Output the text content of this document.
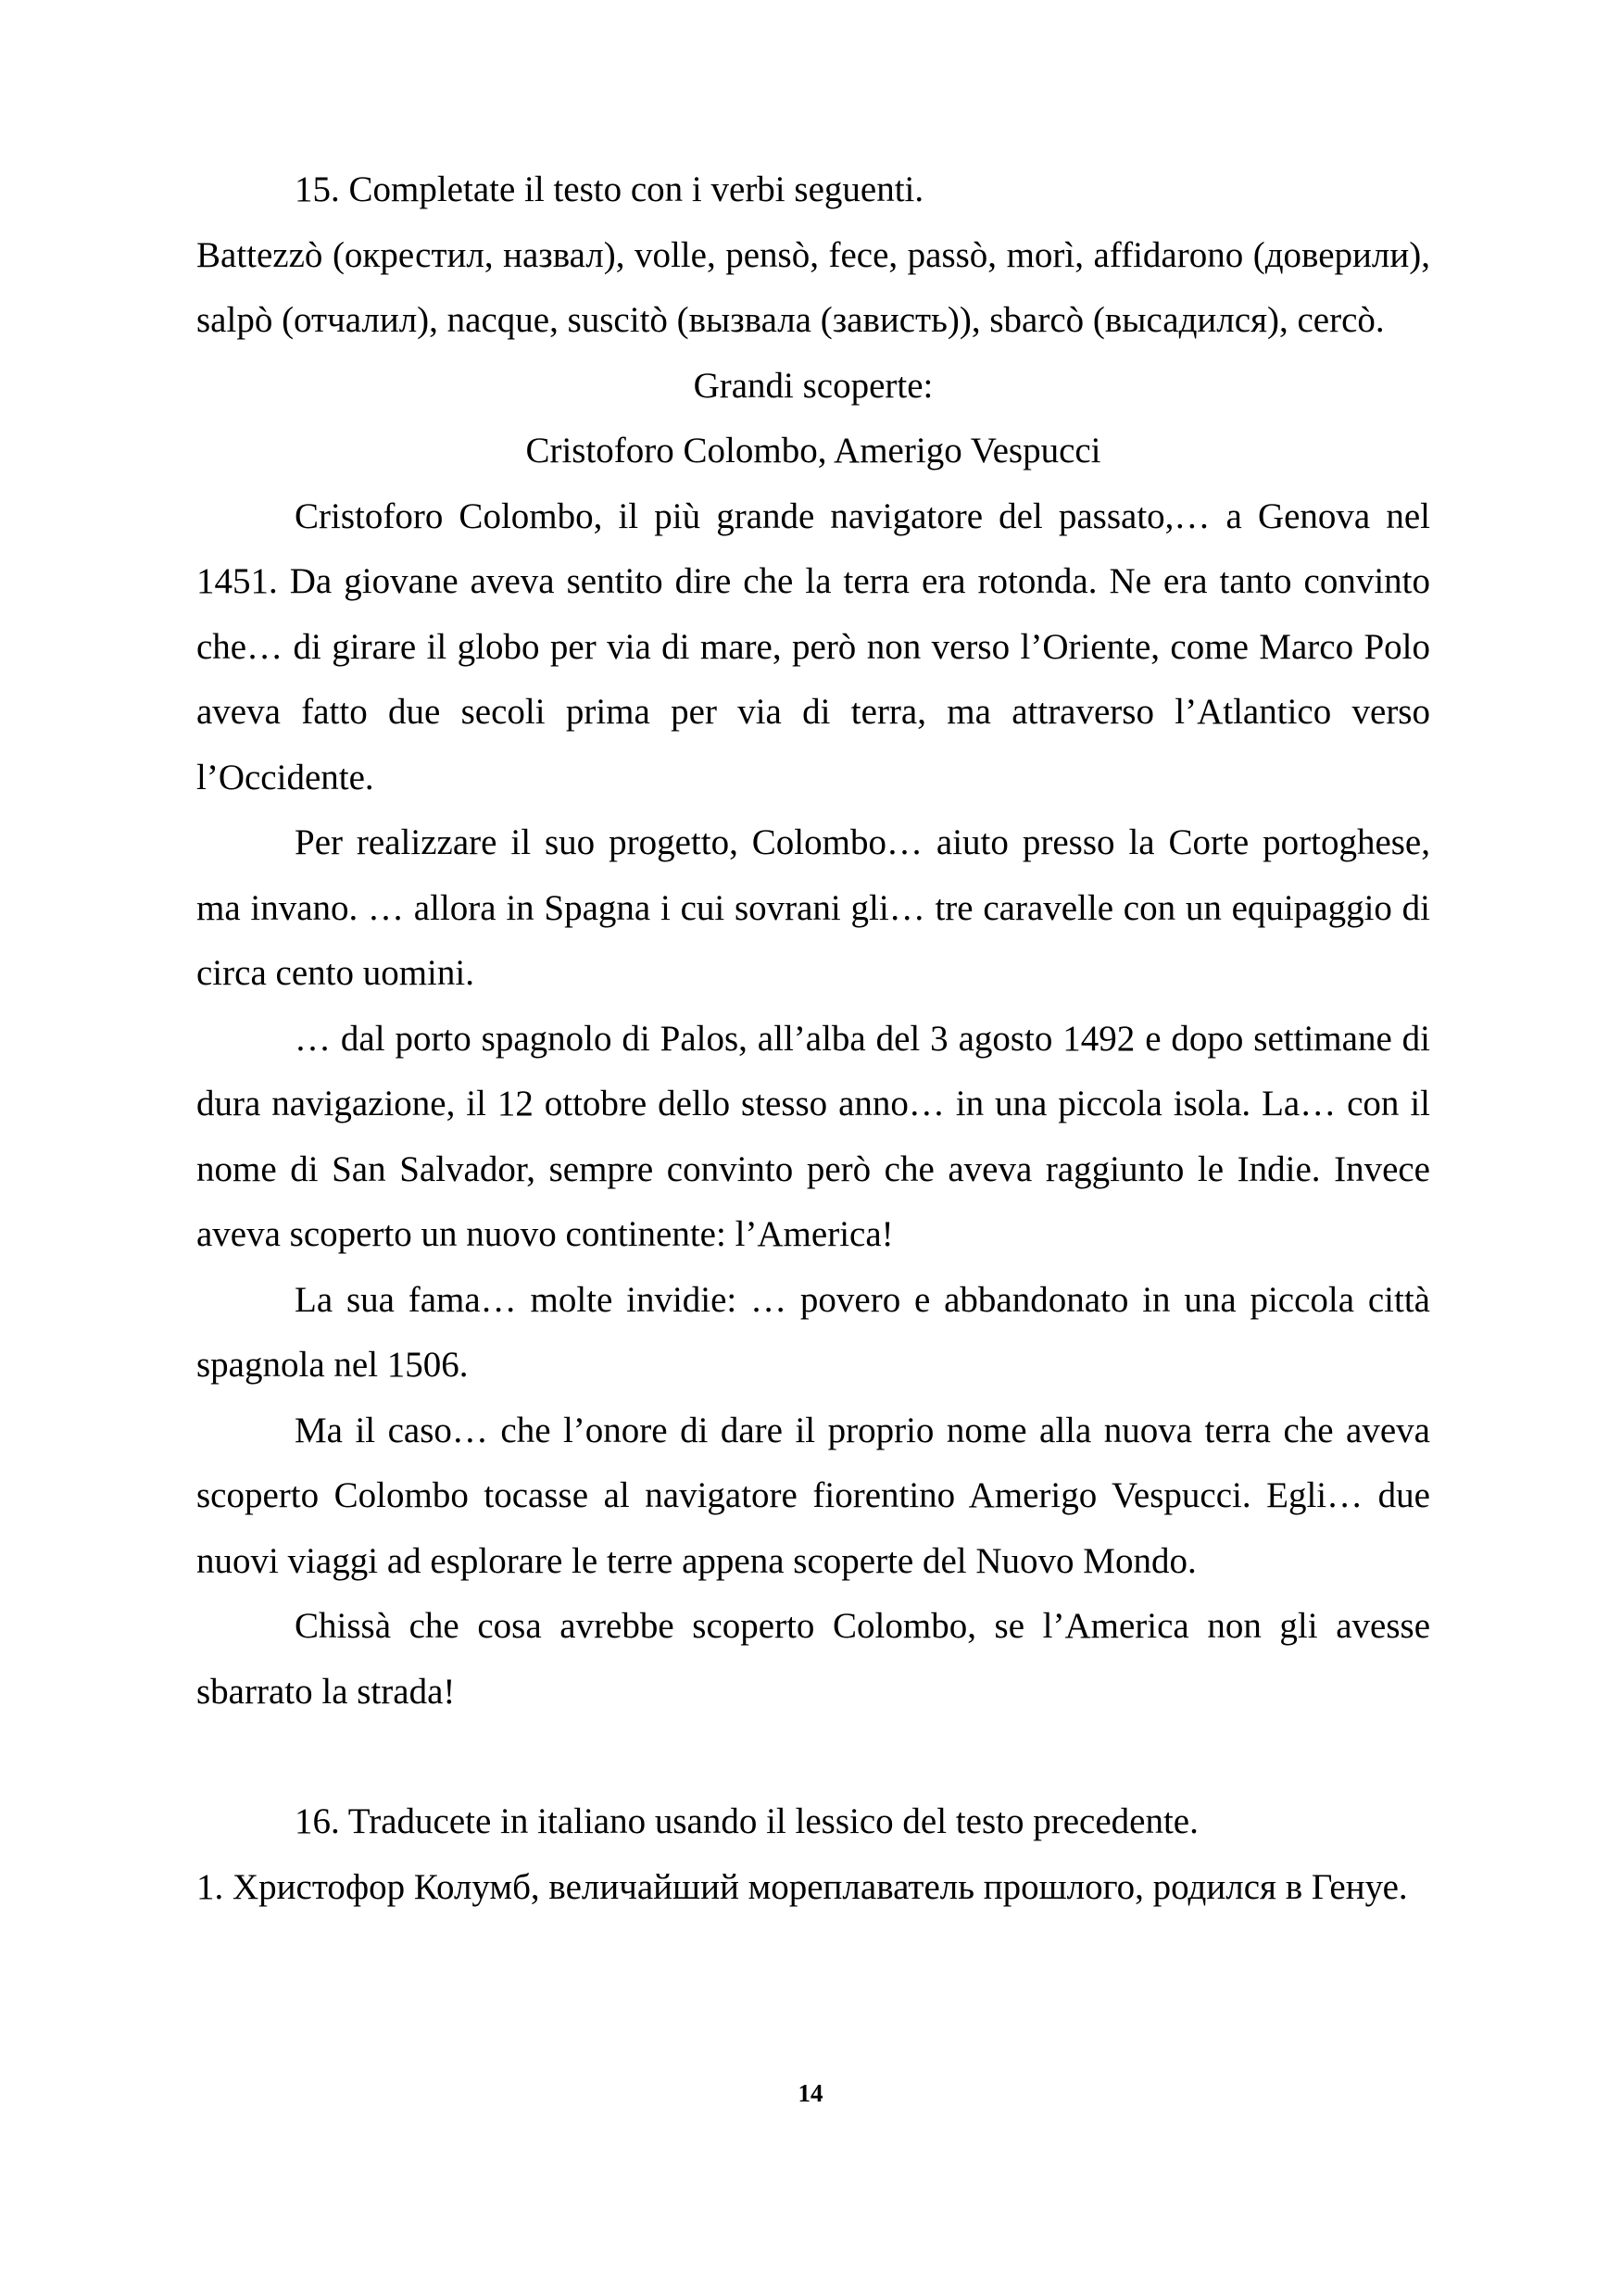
15. Completate il testo con i verbi seguenti.

Battezzò (окрестил, назвал), volle, pensò, fece, passò, morì, affidarono (доверили), salpò (отчалил), nacque, suscitò (вызвала (зависть)), sbarcò (высадился), cercò.

Grandi scoperte:

Cristoforo Colombo, Amerigo Vespucci

Cristoforo Colombo, il più grande navigatore del passato,… a Genova nel 1451. Da giovane aveva sentito dire che la terra era rotonda. Ne era tanto convinto che… di girare il globo per via di mare, però non verso l’Oriente, come Marco Polo aveva fatto due secoli prima per via di terra, ma attraverso l’Atlantico verso l’Occidente.

Per realizzare il suo progetto, Colombo… aiuto presso la Corte portoghese, ma invano. … allora in Spagna i cui sovrani gli… tre caravelle con un equipaggio di circa cento uomini.

… dal porto spagnolo di Palos, all’alba del 3 agosto 1492 e dopo settimane di dura navigazione, il 12 ottobre dello stesso anno… in una piccola isola. La… con il nome di San Salvador, sempre convinto però che aveva raggiunto le Indie. Invece aveva scoperto un nuovo continente: l’America!

La sua fama… molte invidie: … povero e abbandonato in una piccola città spagnola nel 1506.

Ma il caso… che l’onore di dare il proprio nome alla nuova terra che aveva scoperto Colombo tocasse al navigatore fiorentino Amerigo Vespucci. Egli… due nuovi viaggi ad esplorare le terre appena scoperte del Nuovo Mondo.

Chissà che cosa avrebbe scoperto Colombo, se l’America non gli avesse sbarrato la strada!

16. Traducete in italiano usando il lessico del testo precedente.

1. Христофор Колумб, величайший мореплаватель прошлого, родился в Генуе.

14
